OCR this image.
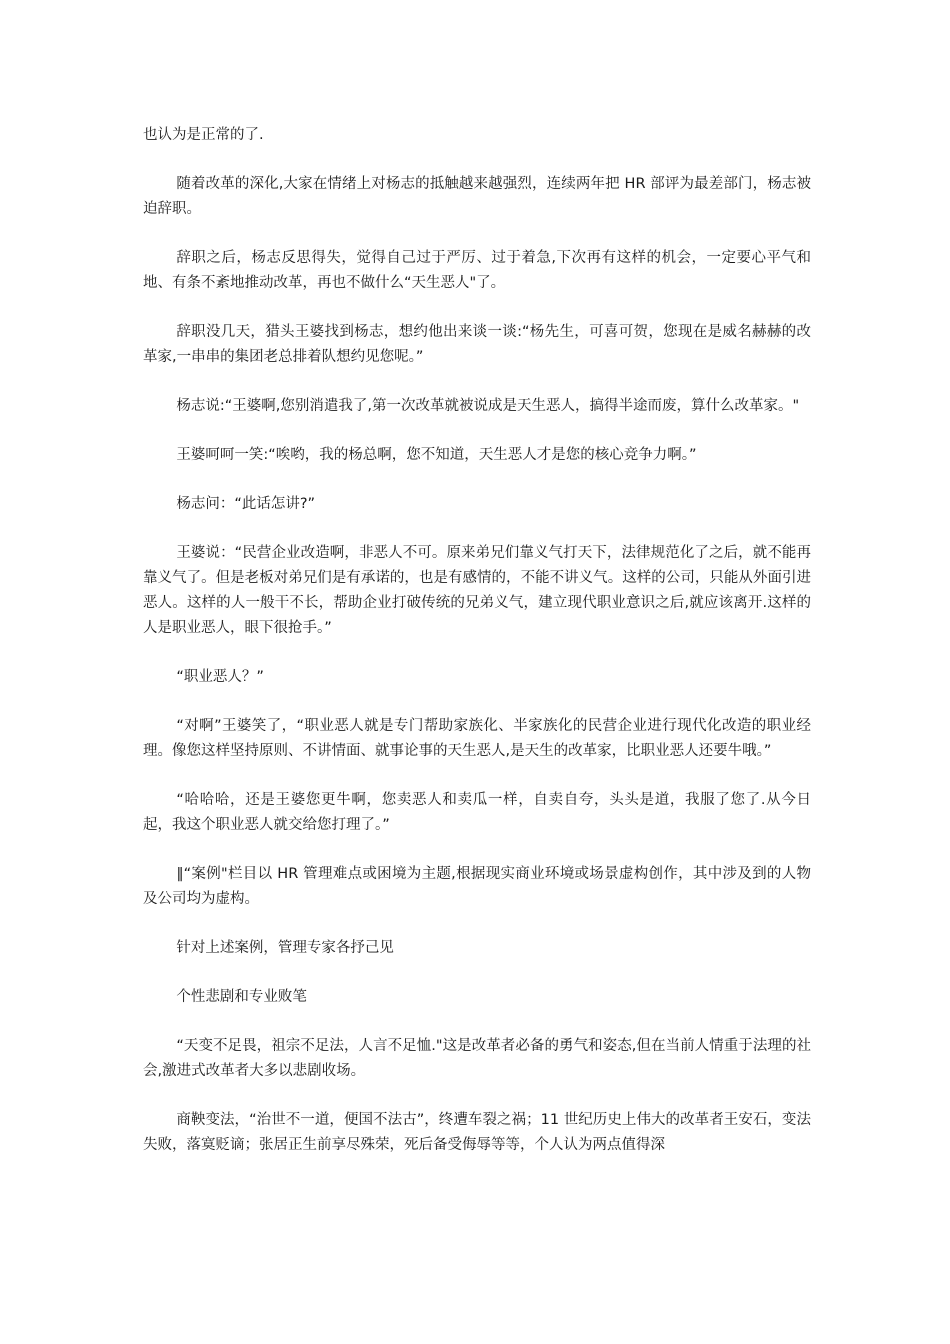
也认为是正常的了.

随着改革的深化,大家在情绪上对杨志的抵触越来越强烈，连续两年把 HR 部评为最差部门，杨志被迫辞职。

辞职之后，杨志反思得失，觉得自己过于严厉、过于着急,下次再有这样的机会，一定要心平气和地、有条不紊地推动改革，再也不做什么“天生恶人"了。

辞职没几天，猎头王婆找到杨志，想约他出来谈一谈:“杨先生，可喜可贺，您现在是威名赫赫的改革家,一串串的集团老总排着队想约见您呢。”

杨志说:“王婆啊,您别消遣我了,第一次改革就被说成是天生恶人，搞得半途而废，算什么改革家。"

王婆呵呵一笑:“唉哟，我的杨总啊，您不知道，天生恶人才是您的核心竞争力啊。”

杨志问：“此话怎讲?”

王婆说：“民营企业改造啊，非恶人不可。原来弟兄们靠义气打天下，法律规范化了之后，就不能再靠义气了。但是老板对弟兄们是有承诺的，也是有感情的，不能不讲义气。这样的公司，只能从外面引进恶人。这样的人一般干不长，帮助企业打破传统的兄弟义气，建立现代职业意识之后,就应该离开.这样的人是职业恶人，眼下很抢手。”

“职业恶人？”

“对啊”王婆笑了，“职业恶人就是专门帮助家族化、半家族化的民营企业进行现代化改造的职业经理。像您这样坚持原则、不讲情面、就事论事的天生恶人,是天生的改革家，比职业恶人还要牛哦。”

“哈哈哈，还是王婆您更牛啊，您卖恶人和卖瓜一样，自卖自夸，头头是道，我服了您了.从今日起，我这个职业恶人就交给您打理了。”

‖“案例"栏目以 HR 管理难点或困境为主题,根据现实商业环境或场景虚构创作，其中涉及到的人物及公司均为虚构。

针对上述案例，管理专家各抒己见

个性悲剧和专业败笔

“天变不足畏，祖宗不足法，人言不足恤."这是改革者必备的勇气和姿态,但在当前人情重于法理的社会,激进式改革者大多以悲剧收场。

商鞅变法，“治世不一道，便国不法古”，终遭车裂之祸；11 世纪历史上伟大的改革者王安石，变法失败，落寞贬谪；张居正生前享尽殊荣，死后备受侮辱等等，个人认为两点值得深
